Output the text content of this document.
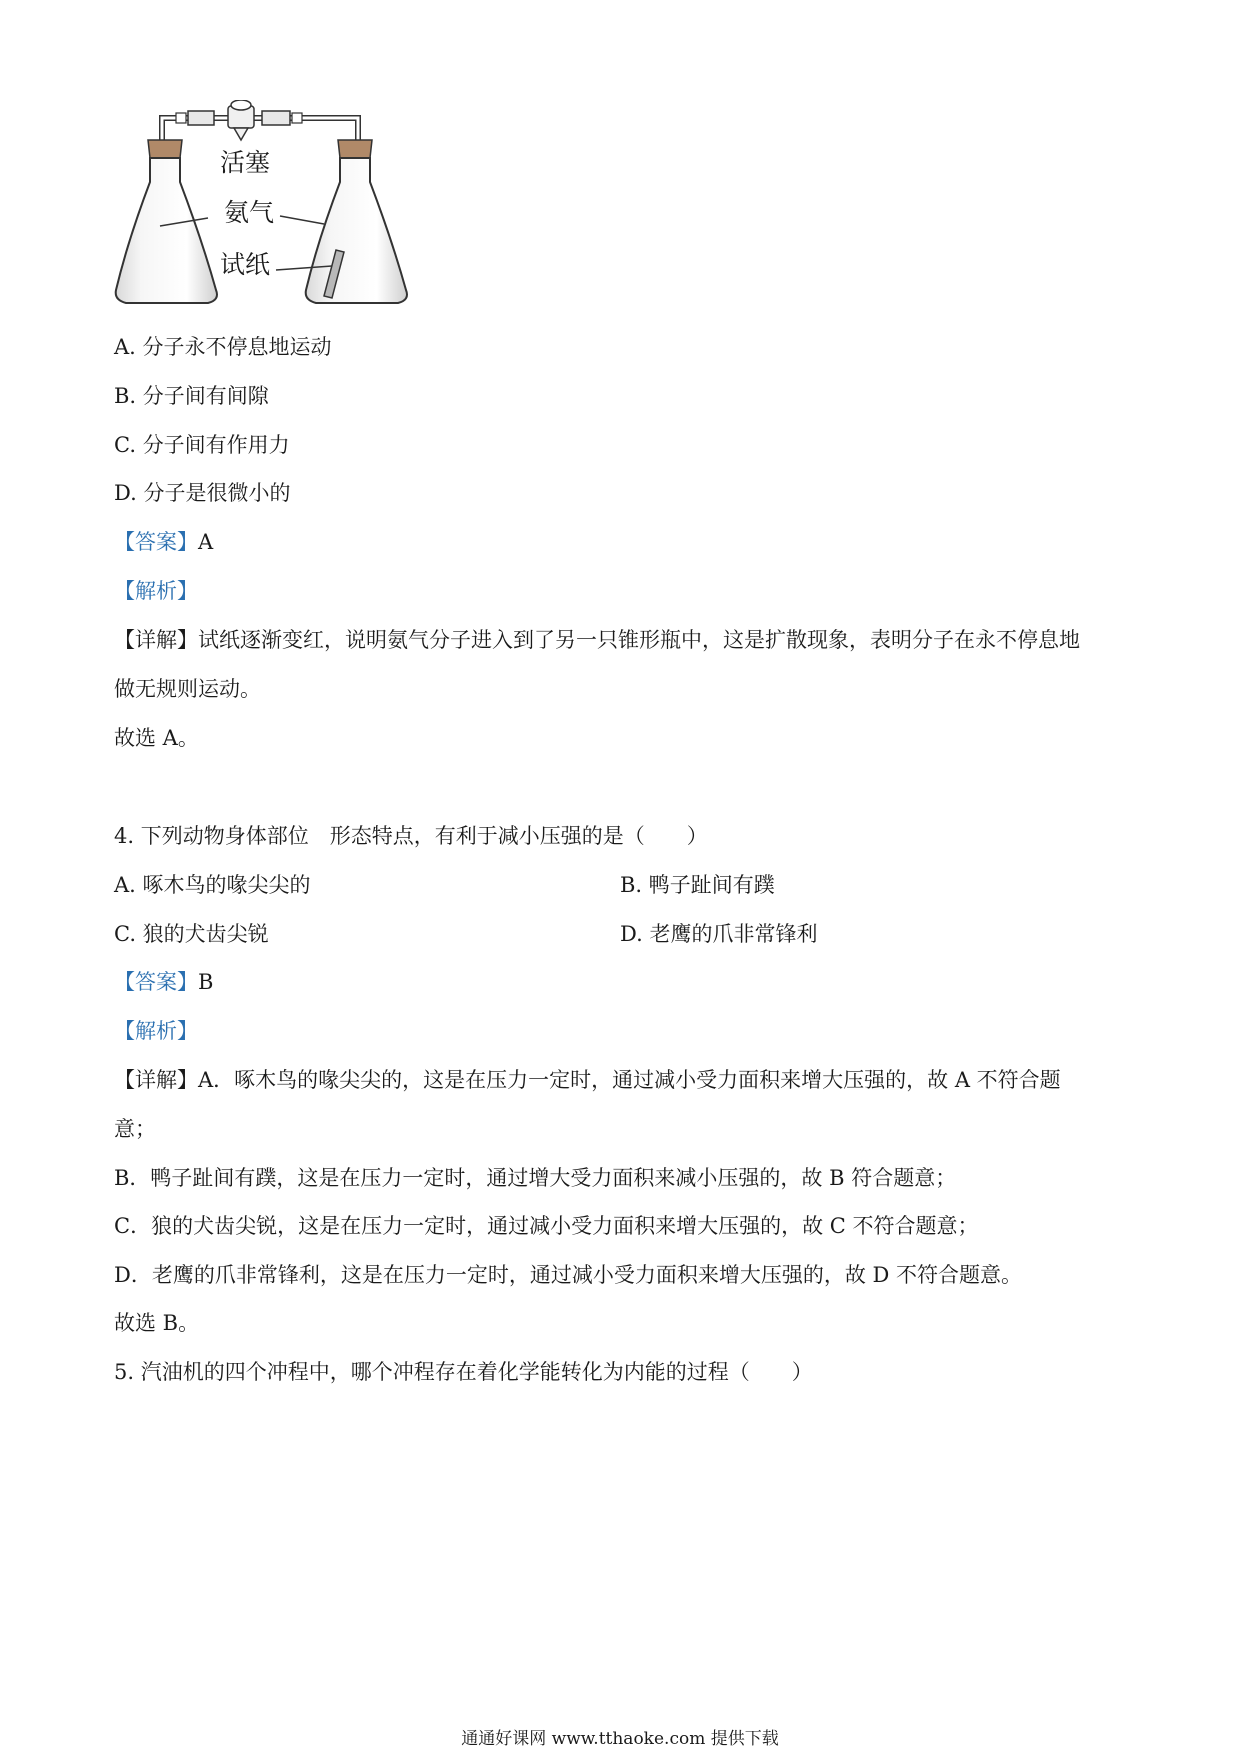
活塞
氨气
试纸
A. 分子永不停息地运动
B. 分子间有间隙
C. 分子间有作用力
D. 分子是很微小的
【答案】A
【解析】
【详解】试纸逐渐变红，说明氨气分子进入到了另一只锥形瓶中，这是扩散现象，表明分子在永不停息地
做无规则运动。
故选 A。
4. 下列动物身体部位　形态特点，有利于减小压强的是（　　）
A. 啄木鸟的喙尖尖的	B. 鸭子趾间有蹼
C. 狼的犬齿尖锐	D. 老鹰的爪非常锋利
【答案】B
【解析】
【详解】A．啄木鸟的喙尖尖的，这是在压力一定时，通过减小受力面积来增大压强的，故 A 不符合题
意；
B．鸭子趾间有蹼，这是在压力一定时，通过增大受力面积来减小压强的，故 B 符合题意；
C．狼的犬齿尖锐，这是在压力一定时，通过减小受力面积来增大压强的，故 C 不符合题意；
D．老鹰的爪非常锋利，这是在压力一定时，通过减小受力面积来增大压强的，故 D 不符合题意。
故选 B。
5. 汽油机的四个冲程中，哪个冲程存在着化学能转化为内能的过程（　　）
通通好课网 www.tthaoke.com 提供下载
